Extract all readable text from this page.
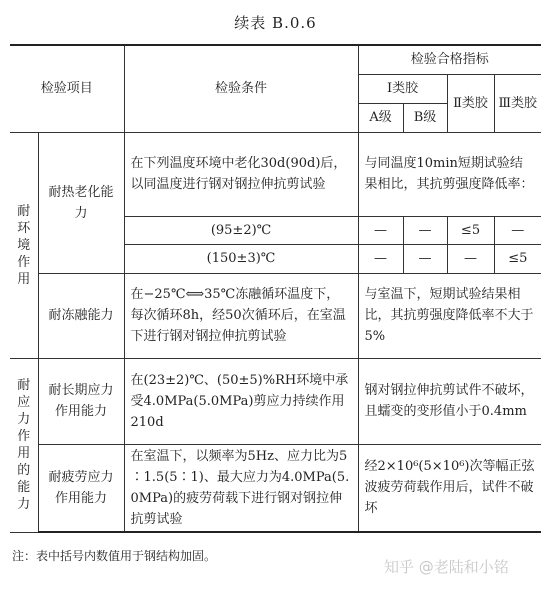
续表 B.0.6
检验项目		检验条件	检验合格指标			
			Ⅰ类胶		Ⅱ类胶	Ⅲ类胶
			A级	B级		
耐环境作用	耐热老化能力	在下列温度环境中老化30d(90d)后，以同温度进行钢对钢拉伸抗剪试验	与同温度10min短期试验结果相比，其抗剪强度降低率：			
		(95±2)℃	—	—	≤5	—
		(150±3)℃	—	—	—	≤5
	耐冻融能力	在−25℃⟺35℃冻融循环温度下，每次循环8h，经50次循环后，在室温下进行钢对钢拉伸抗剪试验	与室温下，短期试验结果相比，其抗剪强度降低率不大于5%			
耐应力作用的能力	耐长期应力作用能力	在(23±2)℃、(50±5)%RH环境中承受4.0MPa(5.0MPa)剪应力持续作用210d	钢对钢拉伸抗剪试件不破坏，且蠕变的变形值小于0.4mm			
	耐疲劳应力作用能力	在室温下，以频率为5Hz、应力比为5∶1.5(5∶1)、最大应力为4.0MPa(5.0MPa)的疲劳荷载下进行钢对钢拉伸抗剪试验	经2×10⁶(5×10⁶)次等幅正弦波疲劳荷载作用后，试件不破坏			
注：表中括号内数值用于钢结构加固。
知乎 @老陆和小铭
